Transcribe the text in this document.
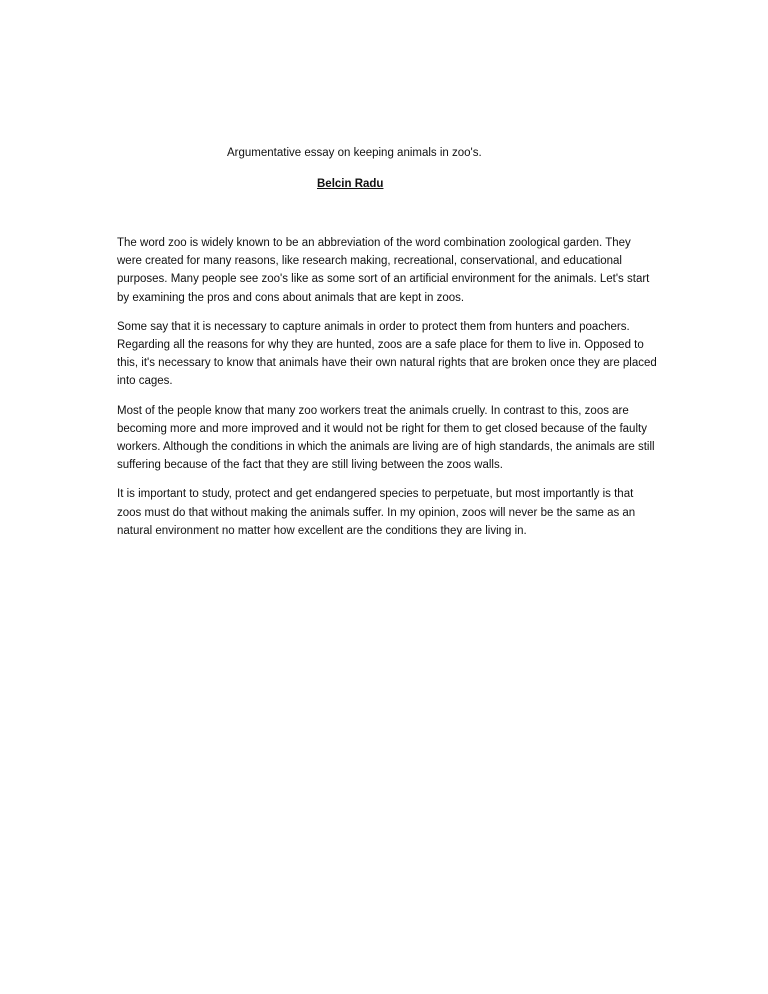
Argumentative essay on keeping animals in zoo's.
Belcin Radu

The word zoo is widely known to be an abbreviation of the word combination zoological garden. They were created for many reasons, like research making, recreational, conservational, and educational purposes. Many people see zoo's like as some sort of an artificial environment for the animals. Let's start by examining the pros and cons about animals that are kept in zoos.

Some say that it is necessary to capture animals in order to protect them from hunters and poachers. Regarding all the reasons for why they are hunted, zoos are a safe place for them to live in. Opposed to this, it's necessary to know that animals have their own natural rights that are broken once they are placed into cages.

Most of the people know that many zoo workers treat the animals cruelly. In contrast to this, zoos are becoming more and more improved and it would not be right for them to get closed because of the faulty workers. Although the conditions in which the animals are living are of high standards, the animals are still suffering because of the fact that they are still living between the zoos walls.

It is important to study, protect and get endangered species to perpetuate, but most importantly is that zoos must do that without making the animals suffer. In my opinion, zoos will never be the same as an natural environment no matter how excellent are the conditions they are living in.
